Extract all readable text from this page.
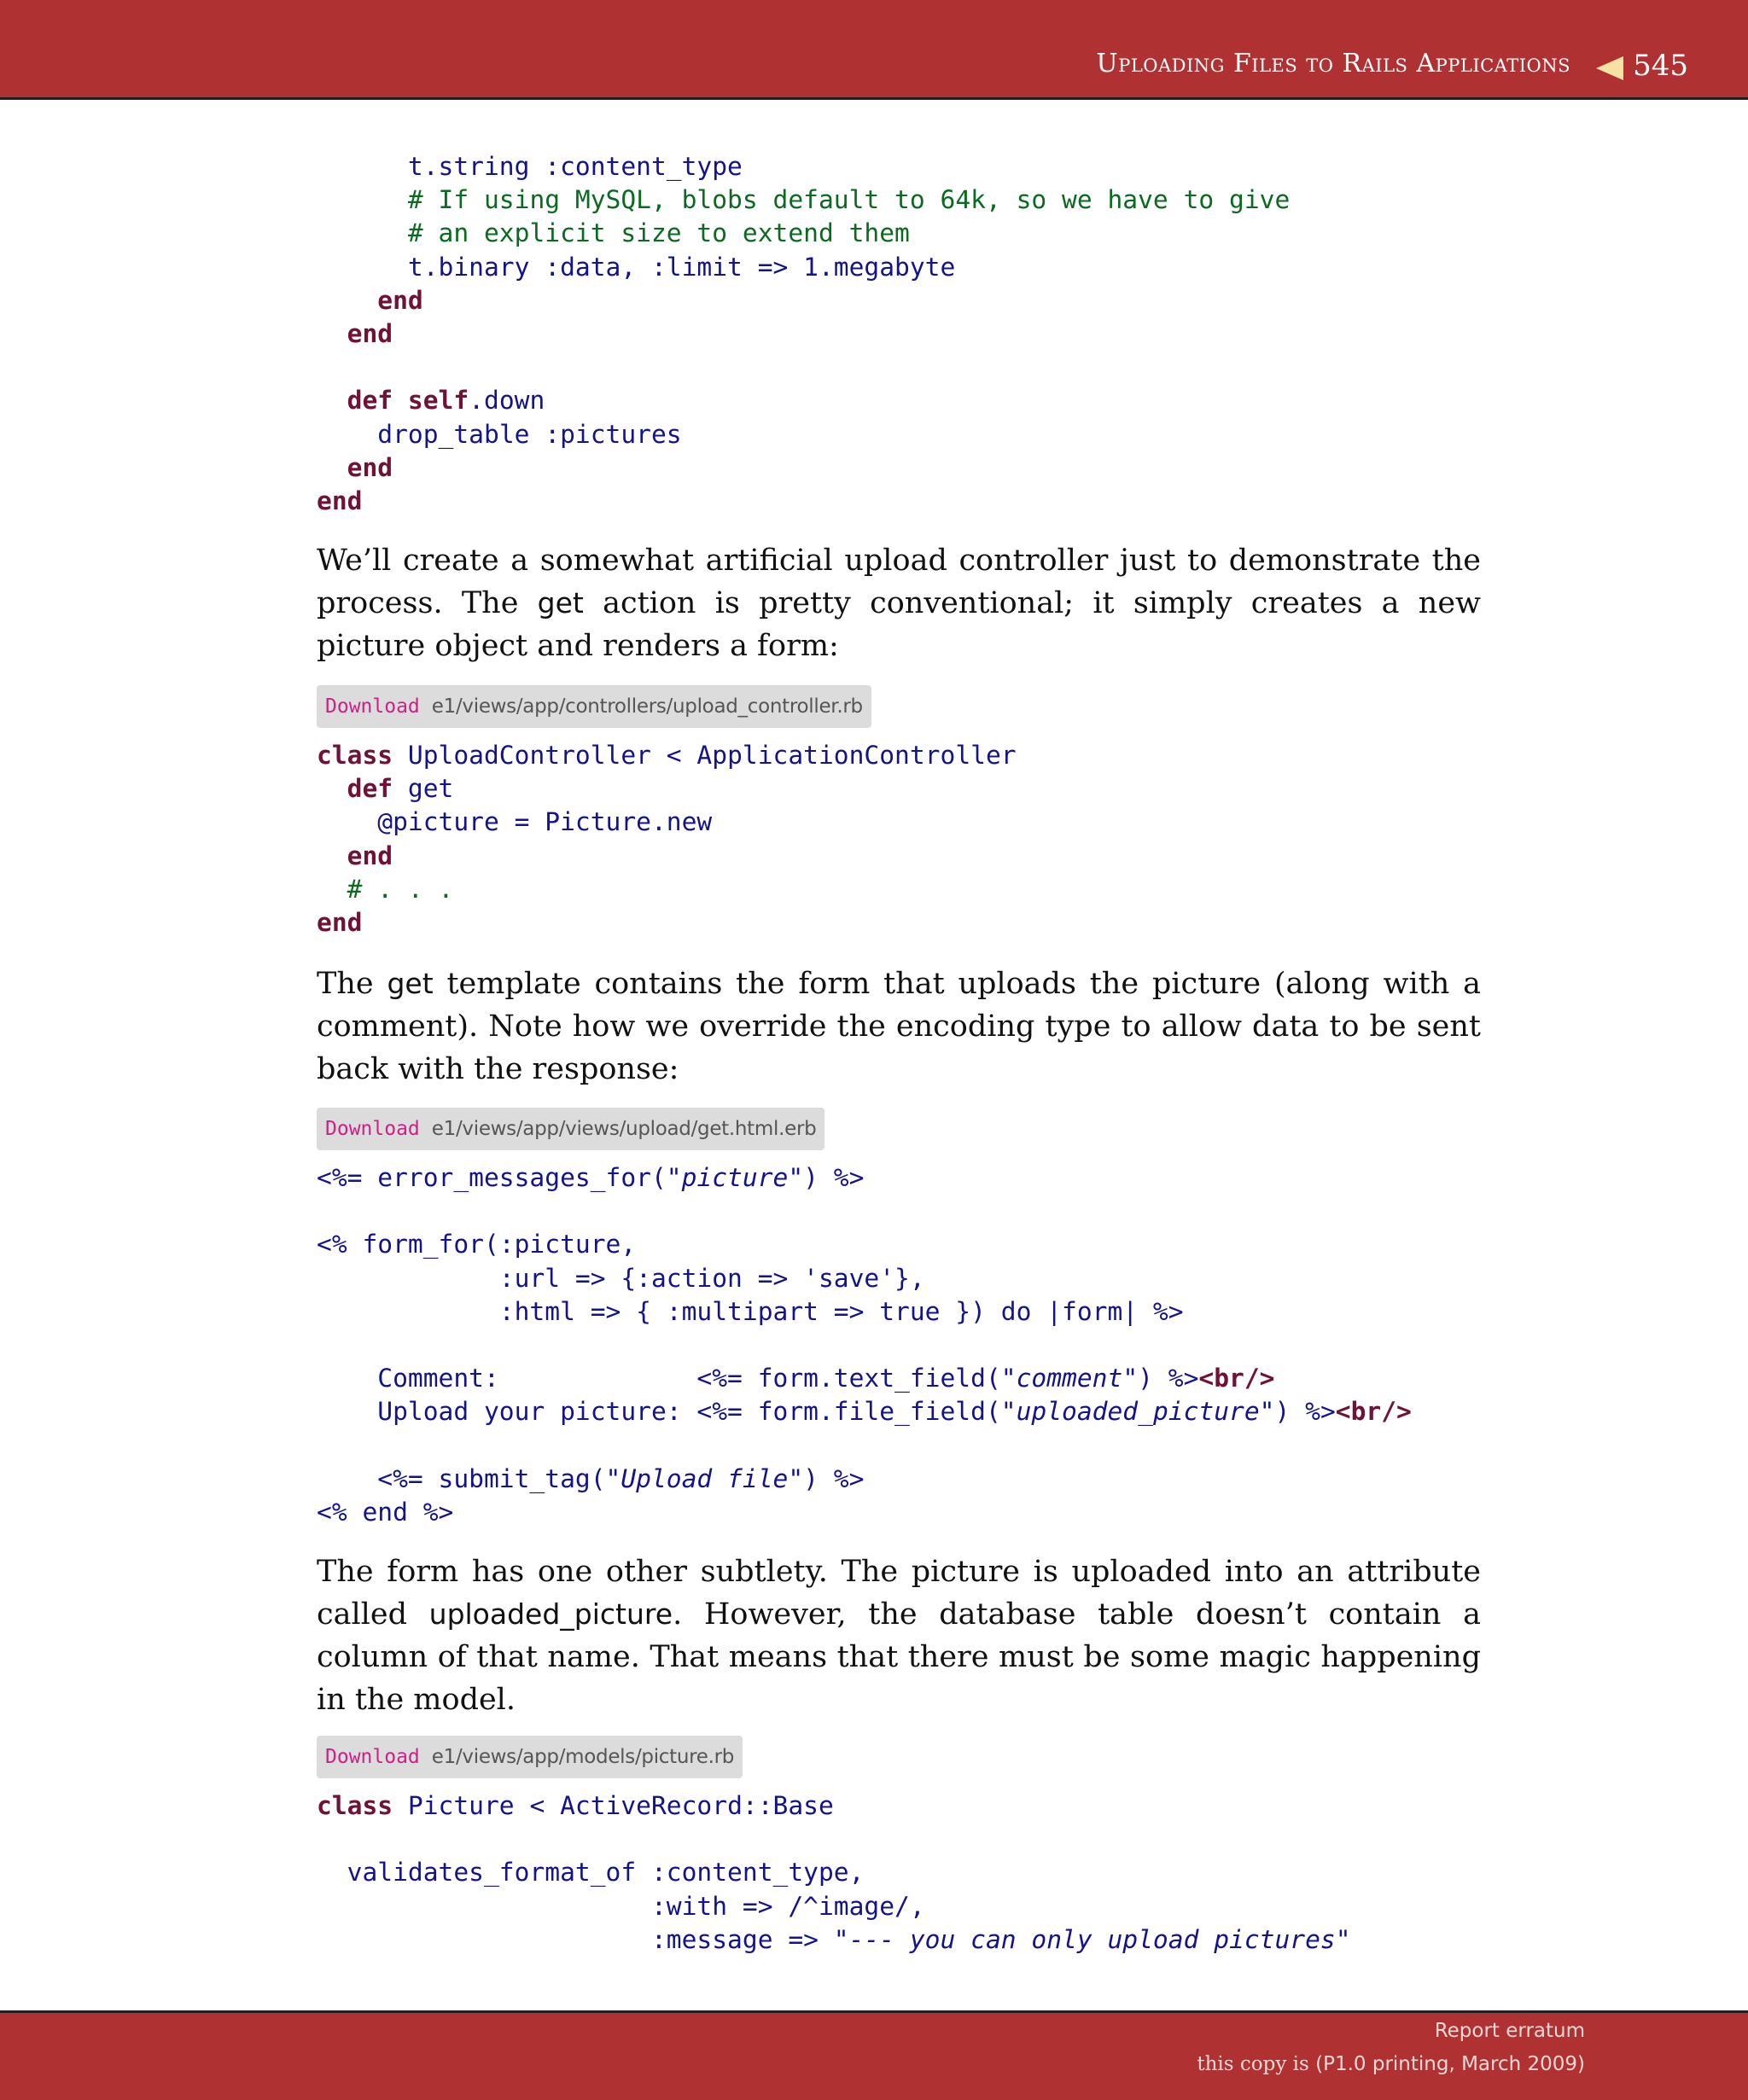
Uploading Files to Rails Applications 545
t.string :content_type
# If using MySQL, blobs default to 64k, so we have to give
# an explicit size to extend them
t.binary :data, :limit => 1.megabyte
end
end

def self.down
drop_table :pictures
end
end

We’ll create a somewhat artificial upload controller just to demonstrate the process. The get action is pretty conventional; it simply creates a new picture object and renders a form:

Download e1/views/app/controllers/upload_controller.rb
class UploadController < ApplicationController
def get
@picture = Picture.new
end
# . . .
end

The get template contains the form that uploads the picture (along with a comment). Note how we override the encoding type to allow data to be sent back with the response:

Download e1/views/app/views/upload/get.html.erb
<%= error_messages_for("picture") %>

<% form_for(:picture,
:url => {:action => 'save'},
:html => { :multipart => true }) do |form| %>

Comment:             <%= form.text_field("comment") %><br/>
Upload your picture: <%= form.file_field("uploaded_picture") %><br/>

<%= submit_tag("Upload file") %>
<% end %>

The form has one other subtlety. The picture is uploaded into an attribute called uploaded_picture. However, the database table doesn’t contain a column of that name. That means that there must be some magic happening in the model.

Download e1/views/app/models/picture.rb
class Picture < ActiveRecord::Base

validates_format_of :content_type,
:with => /^image/,
:message => "--- you can only upload pictures"
Report erratum
this copy is (P1.0 printing, March 2009)
